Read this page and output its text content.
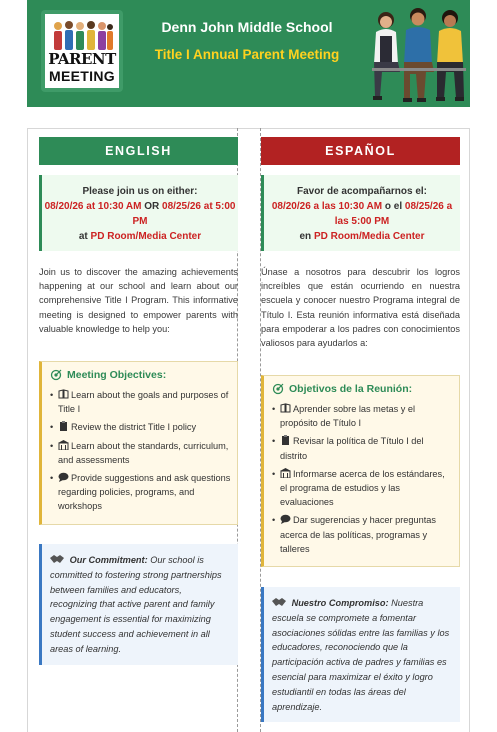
PARENT
MEETING
Denn John Middle School
Title I Annual Parent Meeting
ENGLISH
Please join us on either:
08/20/26 at 10:30 AM OR 08/25/26 at 5:00 PM
at PD Room/Media Center
Join us to discover the amazing achievements happening at our school and learn about our comprehensive Title I Program. This informative meeting is designed to empower parents with valuable knowledge to help you:
Meeting Objectives:
• Learn about the goals and purposes of Title I
• Review the district Title I policy
• Learn about the standards, curriculum, and assessments
• Provide suggestions and ask questions regarding policies, programs, and workshops
Our Commitment: Our school is committed to fostering strong partnerships between families and educators, recognizing that active parent and family engagement is essential for maximizing student success and achievement in all areas of learning.
ESPAÑOL
Favor de acompañarnos el:
08/20/26 a las 10:30 AM o el 08/25/26 a las 5:00 PM
en PD Room/Media Center
Únase a nosotros para descubrir los logros increíbles que están ocurriendo en nuestra escuela y conocer nuestro Programa integral de Título I. Esta reunión informativa está diseñada para empoderar a los padres con conocimientos valiosos para ayudarlos a:
Objetivos de la Reunión:
• Aprender sobre las metas y el propósito de Título I
• Revisar la política de Título I del distrito
• Informarse acerca de los estándares, el programa de estudios y las evaluaciones
• Dar sugerencias y hacer preguntas acerca de las políticas, programas y talleres
Nuestro Compromiso: Nuestra escuela se compromete a fomentar asociaciones sólidas entre las familias y los educadores, reconociendo que la participación activa de padres y familias es esencial para maximizar el éxito y logro estudiantil en todas las áreas del aprendizaje.
